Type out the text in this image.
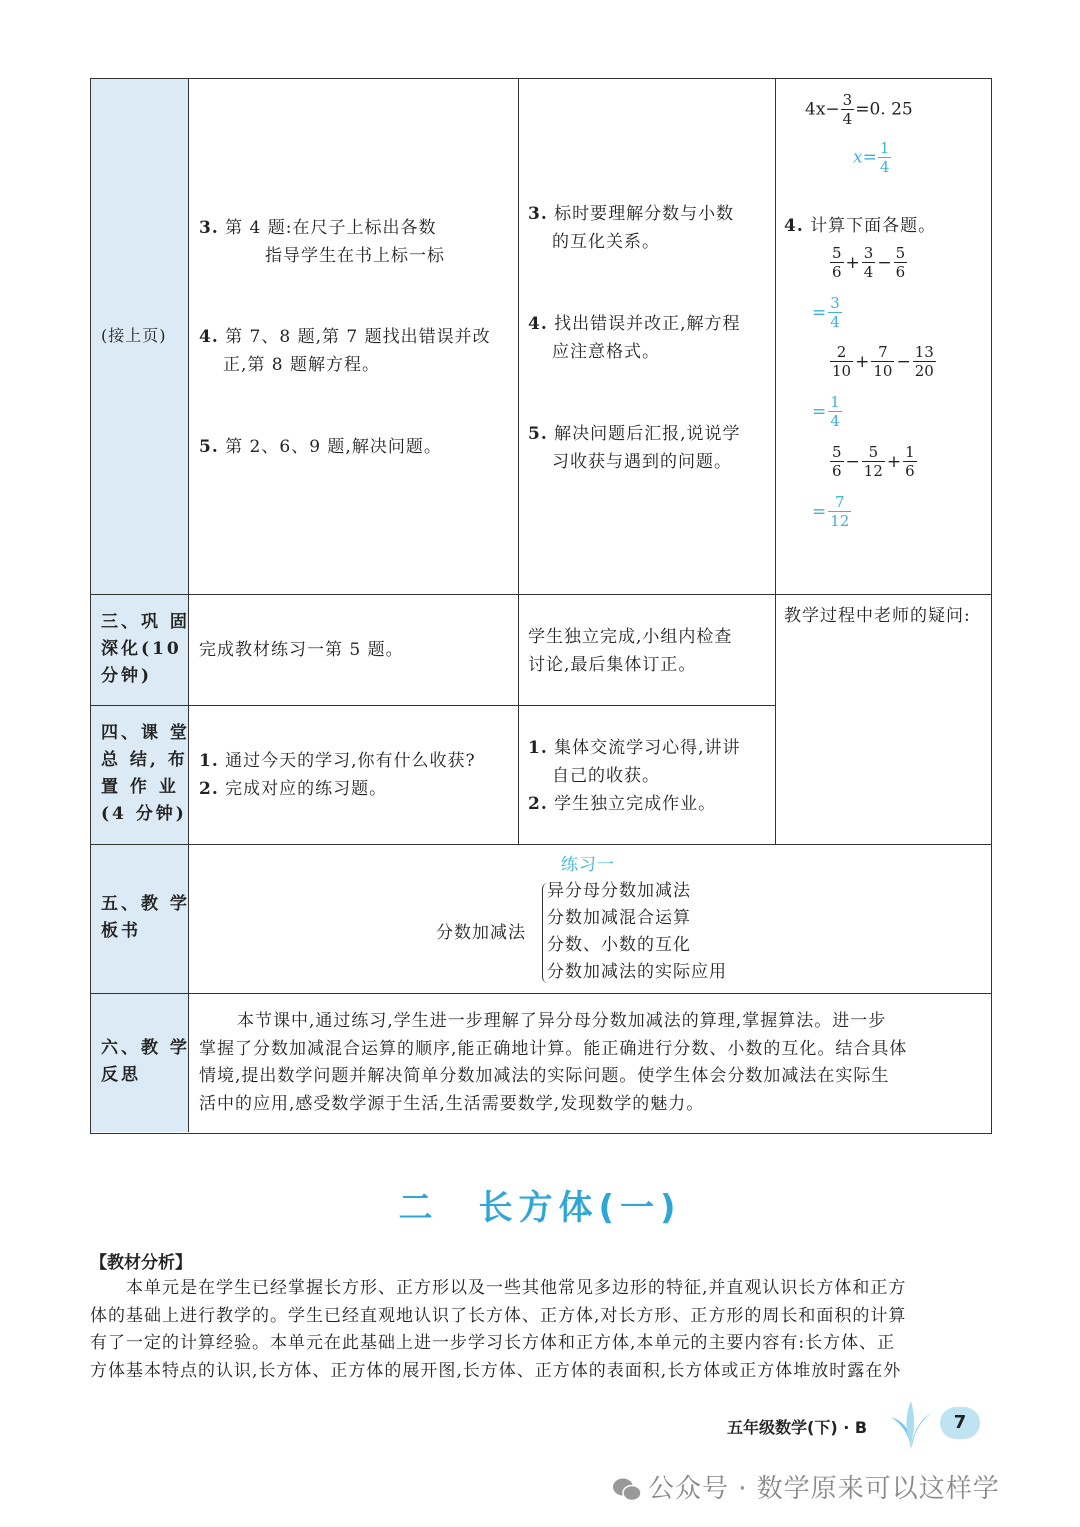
(接上页)
3. 第 4 题:在尺子上标出各数
指导学生在书上标一标
4. 第 7、8 题,第 7 题找出错误并改
正,第 8 题解方程。
5. 第 2、6、9 题,解决问题。
3. 标时要理解分数与小数
的互化关系。
4. 找出错误并改正,解方程
应注意格式。
5. 解决问题后汇报,说说学
习收获与遇到的问题。
$4x- \frac{3}{4} =0$. 25
$x= \frac{1}{4}$
4. 计算下面各题。
$\frac{5}{6} + \frac{3}{4} - \frac{5}{6}$
= $\frac{3}{4}$
$\frac{2}{10} + \frac{7}{10} - \frac{13}{20}$
= $\frac{1}{4}$
$\frac{5}{6} - \frac{5}{12} + \frac{1}{6}$
= $\frac{7}{12}$
三、巩 固
深化(10
分钟)
完成教材练习一第 5 题。
学生独立完成,小组内检查
讨论,最后集体订正。
教学过程中老师的疑问:
四、课 堂
总 结, 布
置 作 业
(4 分钟)
1. 通过今天的学习,你有什么收获?
2. 完成对应的练习题。
1. 集体交流学习心得,讲讲
自己的收获。
2. 学生独立完成作业。
五、教 学
板书
练习一
分数加减法
异分母分数加减法
分数加减混合运算
分数、小数的互化
分数加减法的实际应用
六、教 学
反思
本节课中,通过练习,学生进一步理解了异分母分数加减法的算理,掌握算法。进一步
掌握了分数加减混合运算的顺序,能正确地计算。能正确进行分数、小数的互化。结合具体
情境,提出数学问题并解决简单分数加减法的实际问题。使学生体会分数加减法在实际生
活中的应用,感受数学源于生活,生活需要数学,发现数学的魅力。
二　长方体(一)
【教材分析】
本单元是在学生已经掌握长方形、正方形以及一些其他常见多边形的特征,并直观认识长方体和正方
体的基础上进行教学的。学生已经直观地认识了长方体、正方体,对长方形、正方形的周长和面积的计算
有了一定的计算经验。本单元在此基础上进一步学习长方体和正方体,本单元的主要内容有:长方体、正
方体基本特点的认识,长方体、正方体的展开图,长方体、正方体的表面积,长方体或正方体堆放时露在外
五年级数学(下) · B	7
公众号 · 数学原来可以这样学
